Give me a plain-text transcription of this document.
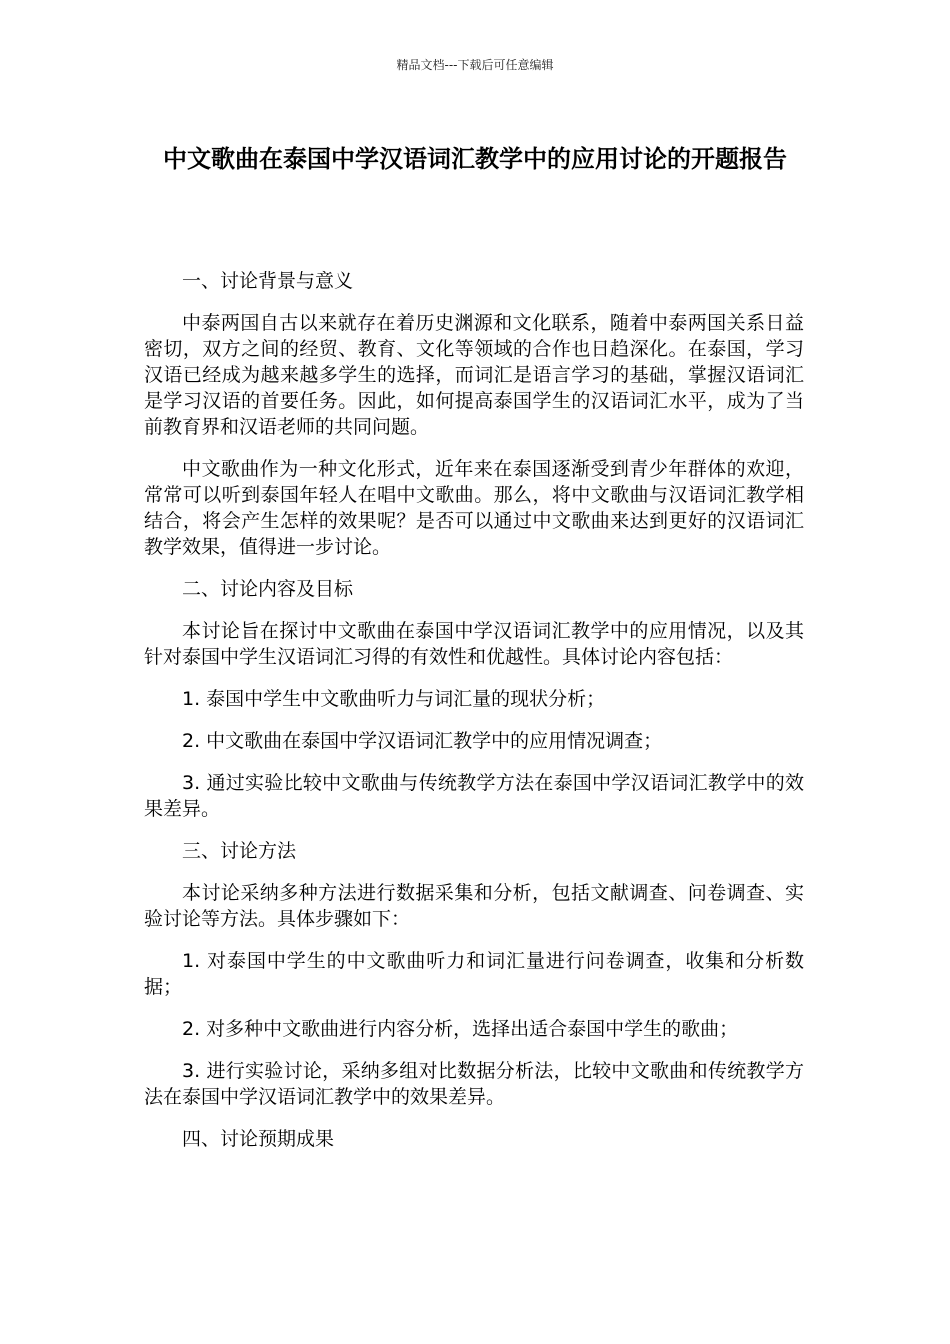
精品文档---下载后可任意编辑
中文歌曲在泰国中学汉语词汇教学中的应用讨论的开题报告

一、讨论背景与意义

中泰两国自古以来就存在着历史渊源和文化联系，随着中泰两国关系日益密切，双方之间的经贸、教育、文化等领域的合作也日趋深化。在泰国，学习汉语已经成为越来越多学生的选择，而词汇是语言学习的基础，掌握汉语词汇是学习汉语的首要任务。因此，如何提高泰国学生的汉语词汇水平，成为了当前教育界和汉语老师的共同问题。

中文歌曲作为一种文化形式，近年来在泰国逐渐受到青少年群体的欢迎，常常可以听到泰国年轻人在唱中文歌曲。那么，将中文歌曲与汉语词汇教学相结合，将会产生怎样的效果呢？是否可以通过中文歌曲来达到更好的汉语词汇教学效果，值得进一步讨论。

二、讨论内容及目标

本讨论旨在探讨中文歌曲在泰国中学汉语词汇教学中的应用情况，以及其针对泰国中学生汉语词汇习得的有效性和优越性。具体讨论内容包括：

1. 泰国中学生中文歌曲听力与词汇量的现状分析；

2. 中文歌曲在泰国中学汉语词汇教学中的应用情况调查；

3. 通过实验比较中文歌曲与传统教学方法在泰国中学汉语词汇教学中的效果差异。

三、讨论方法

本讨论采纳多种方法进行数据采集和分析，包括文献调查、问卷调查、实验讨论等方法。具体步骤如下：

1. 对泰国中学生的中文歌曲听力和词汇量进行问卷调查，收集和分析数据；

2. 对多种中文歌曲进行内容分析，选择出适合泰国中学生的歌曲；

3. 进行实验讨论，采纳多组对比数据分析法，比较中文歌曲和传统教学方法在泰国中学汉语词汇教学中的效果差异。

四、讨论预期成果
